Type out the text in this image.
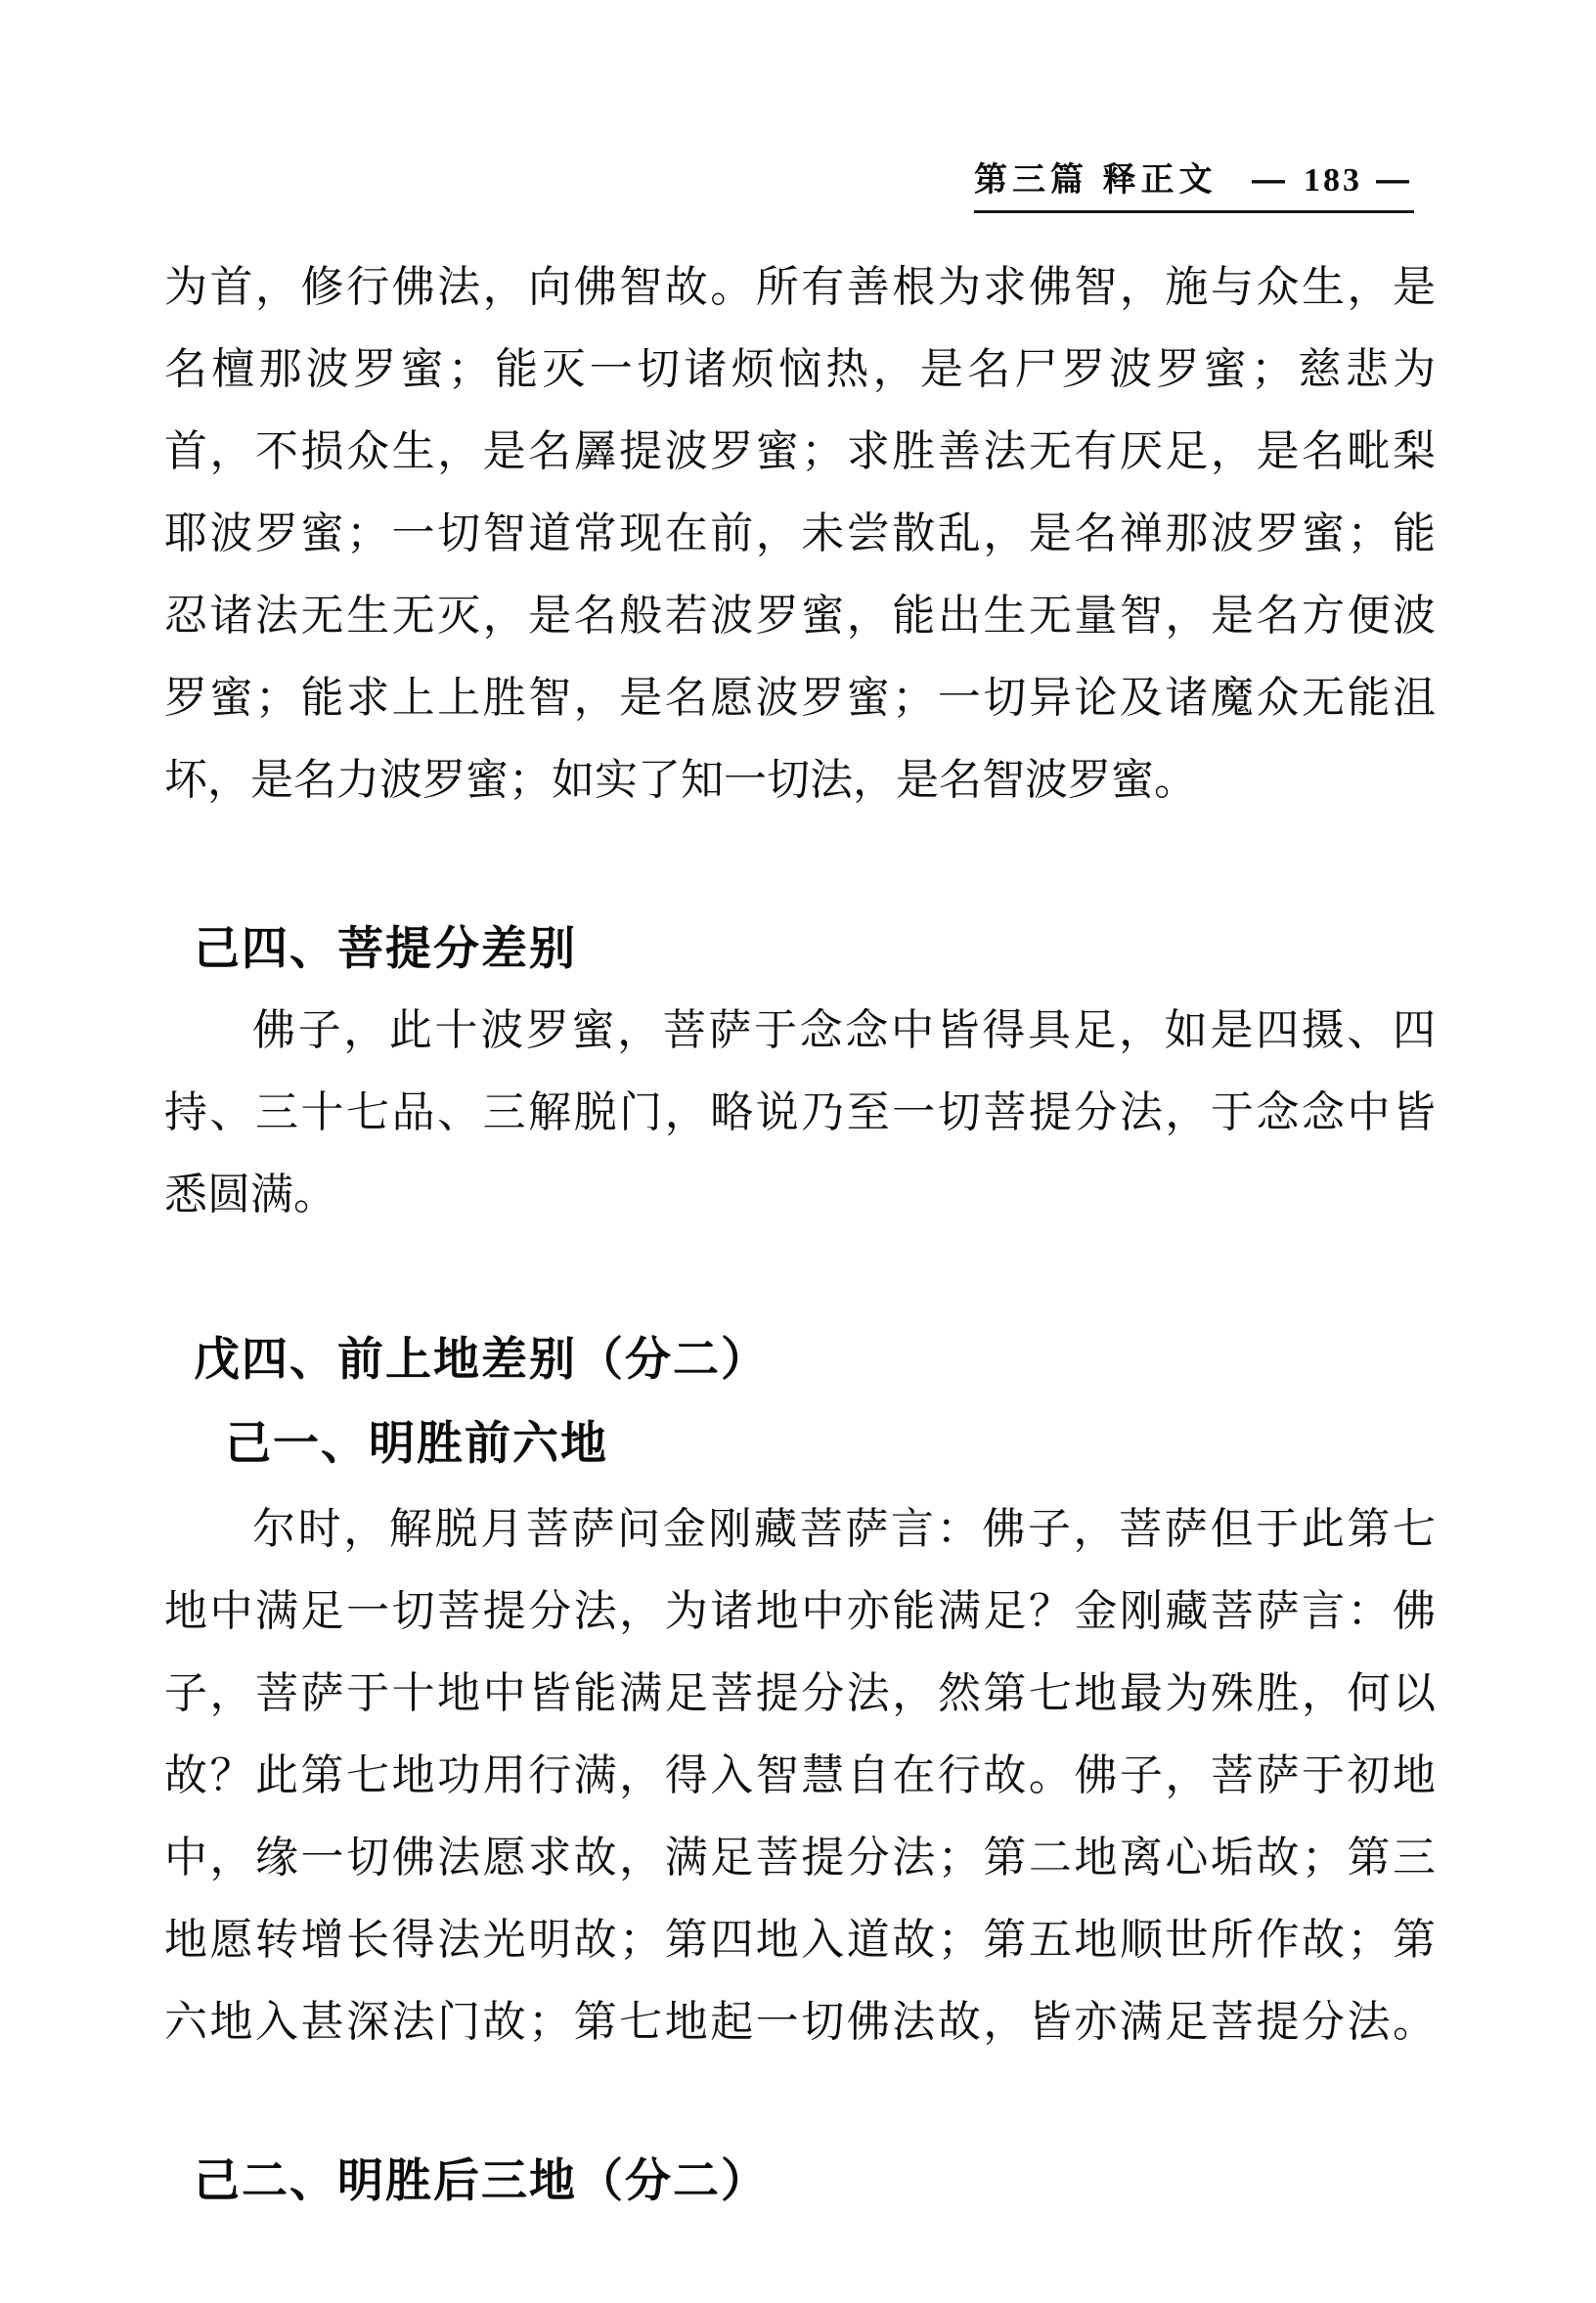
第三篇 释正文 — 183 —
为首，修行佛法，向佛智故。所有善根为求佛智，施与众生，是
名檀那波罗蜜；能灭一切诸烦恼热，是名尸罗波罗蜜；慈悲为
首，不损众生，是名羼提波罗蜜；求胜善法无有厌足，是名毗梨
耶波罗蜜；一切智道常现在前，未尝散乱，是名禅那波罗蜜；能
忍诸法无生无灭，是名般若波罗蜜，能出生无量智，是名方便波
罗蜜；能求上上胜智，是名愿波罗蜜；一切异论及诸魔众无能沮
坏，是名力波罗蜜；如实了知一切法，是名智波罗蜜。
己四、菩提分差别
佛子，此十波罗蜜，菩萨于念念中皆得具足，如是四摄、四
持、三十七品、三解脱门，略说乃至一切菩提分法，于念念中皆
悉圆满。
戊四、前上地差别（分二）
己一、明胜前六地
尔时，解脱月菩萨问金刚藏菩萨言：佛子，菩萨但于此第七
地中满足一切菩提分法，为诸地中亦能满足？金刚藏菩萨言：佛
子，菩萨于十地中皆能满足菩提分法，然第七地最为殊胜，何以
故？此第七地功用行满，得入智慧自在行故。佛子，菩萨于初地
中，缘一切佛法愿求故，满足菩提分法；第二地离心垢故；第三
地愿转增长得法光明故；第四地入道故；第五地顺世所作故；第
六地入甚深法门故；第七地起一切佛法故，皆亦满足菩提分法。
己二、明胜后三地（分二）
